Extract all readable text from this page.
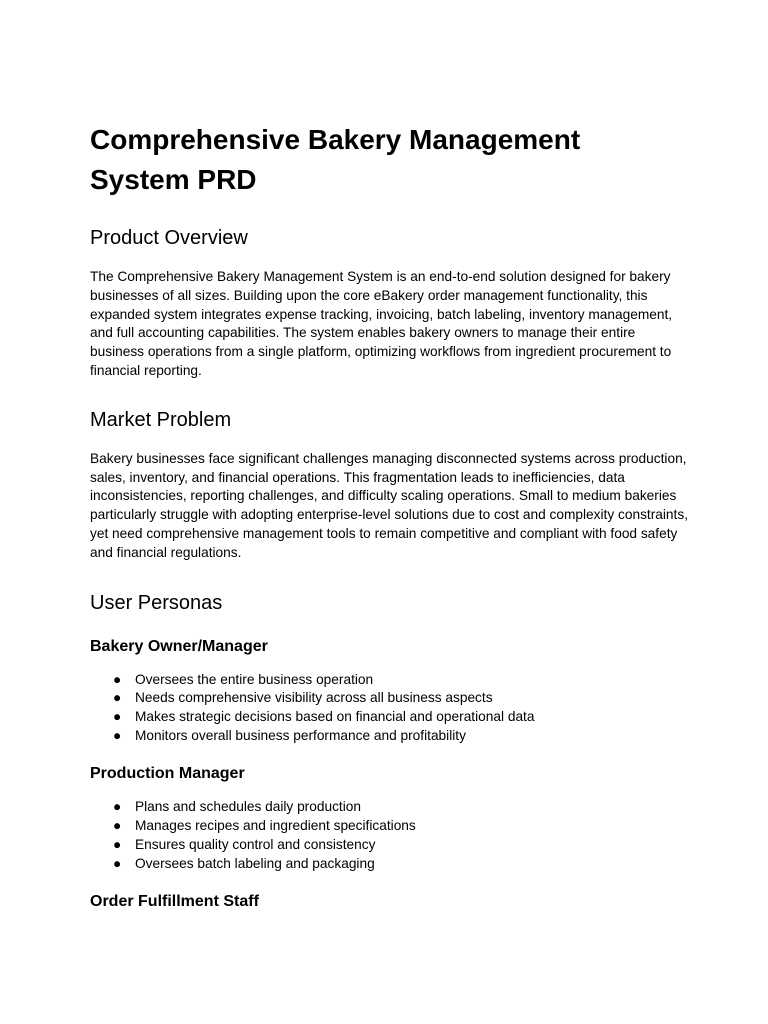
Comprehensive Bakery Management System PRD
Product Overview

The Comprehensive Bakery Management System is an end-to-end solution designed for bakery businesses of all sizes. Building upon the core eBakery order management functionality, this expanded system integrates expense tracking, invoicing, batch labeling, inventory management, and full accounting capabilities. The system enables bakery owners to manage their entire business operations from a single platform, optimizing workflows from ingredient procurement to financial reporting.

Market Problem

Bakery businesses face significant challenges managing disconnected systems across production, sales, inventory, and financial operations. This fragmentation leads to inefficiencies, data inconsistencies, reporting challenges, and difficulty scaling operations. Small to medium bakeries particularly struggle with adopting enterprise-level solutions due to cost and complexity constraints, yet need comprehensive management tools to remain competitive and compliant with food safety and financial regulations.

User Personas
Bakery Owner/Manager
● Oversees the entire business operation
● Needs comprehensive visibility across all business aspects
● Makes strategic decisions based on financial and operational data
● Monitors overall business performance and profitability
Production Manager
● Plans and schedules daily production
● Manages recipes and ingredient specifications
● Ensures quality control and consistency
● Oversees batch labeling and packaging
Order Fulfillment Staff
